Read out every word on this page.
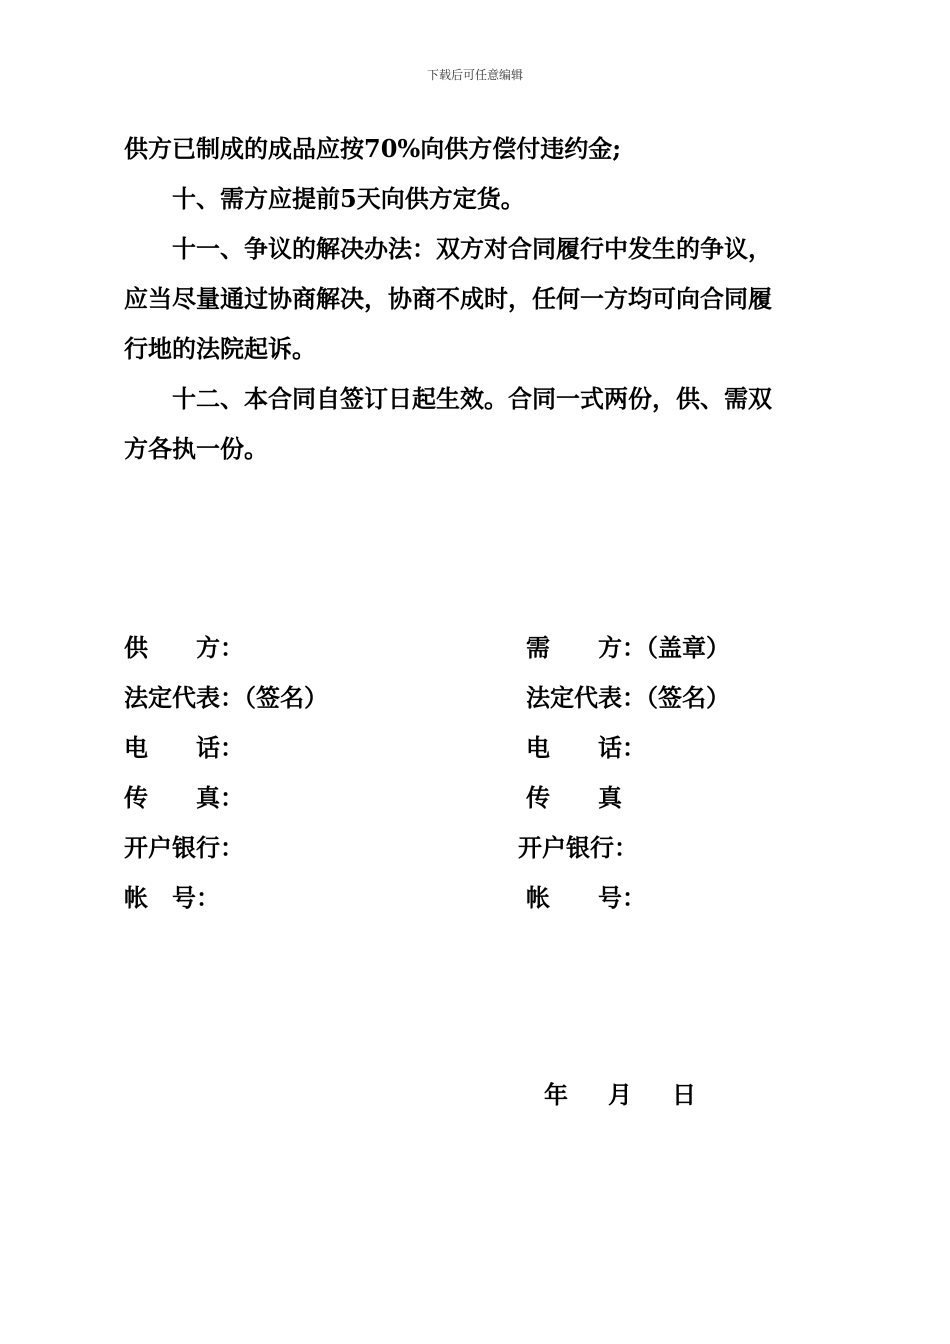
下载后可任意编辑
供方已制成的成品应按70%向供方偿付违约金;
十、需方应提前5天向供方定货。
十一、争议的解决办法：双方对合同履行中发生的争议，
应当尽量通过协商解决，协商不成时，任何一方均可向合同履
行地的法院起诉。
十二、本合同自签订日起生效。合同一式两份，供、需双
方各执一份。
供　　方：
法定代表：（签名）
电　　话：
传　　真：
开户银行：
帐　号：
需　　方：（盖章）
法定代表：（签名）
电　　话：
传　　真
开户银行：
帐　　号：
年 月 日
